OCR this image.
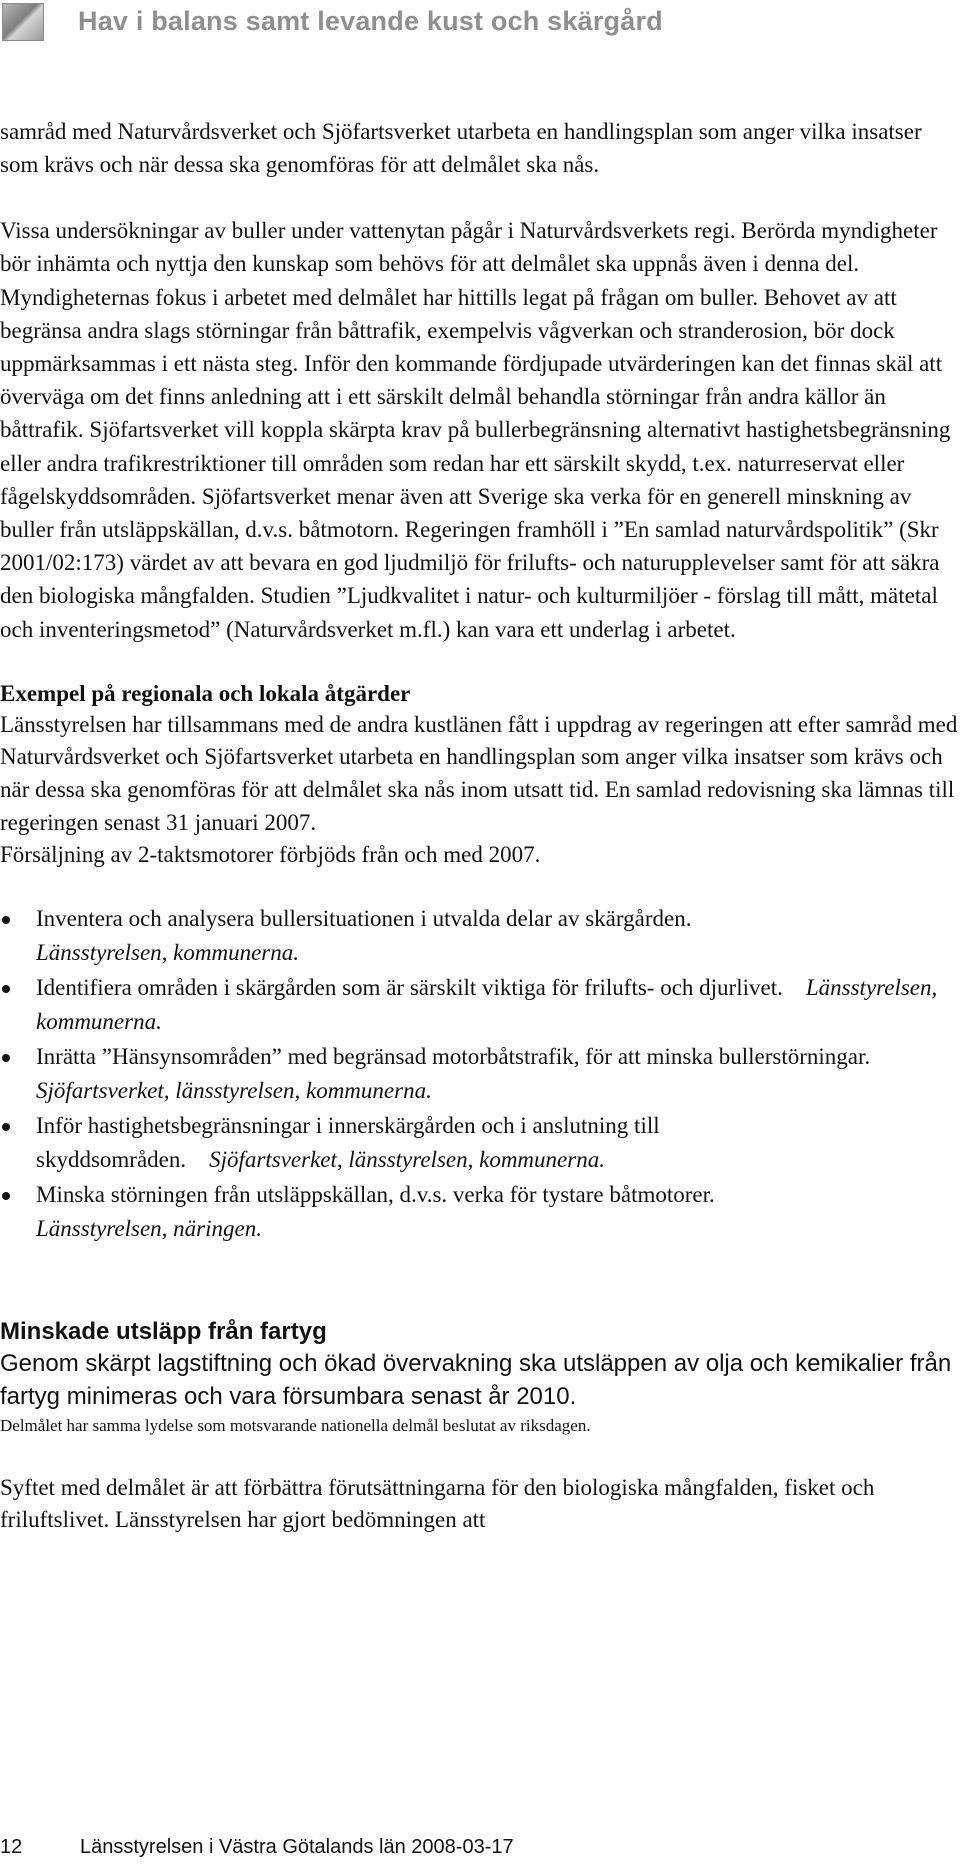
Hav i balans samt levande kust och skärgård

samråd med Naturvårdsverket och Sjöfartsverket utarbeta en handlingsplan som anger vilka insatser som krävs och när dessa ska genomföras för att delmålet ska nås.

Vissa undersökningar av buller under vattenytan pågår i Naturvårdsverkets regi. Berörda myndigheter bör inhämta och nyttja den kunskap som behövs för att delmålet ska uppnås även i denna del. Myndigheternas fokus i arbetet med delmålet har hittills legat på frågan om buller. Behovet av att begränsa andra slags störningar från båttrafik, exempelvis vågverkan och stranderosion, bör dock uppmärksammas i ett nästa steg. Inför den kommande fördjupade utvärderingen kan det finnas skäl att överväga om det finns anledning att i ett särskilt delmål behandla störningar från andra källor än båttrafik. Sjöfartsverket vill koppla skärpta krav på bullerbegränsning alternativt hastighetsbegränsning eller andra trafikrestriktioner till områden som redan har ett särskilt skydd, t.ex. naturreservat eller fågelskyddsområden. Sjöfartsverket menar även att Sverige ska verka för en generell minskning av buller från utsläppskällan, d.v.s. båtmotorn. Regeringen framhöll i ”En samlad naturvårdspolitik” (Skr 2001/02:173) värdet av att bevara en god ljudmiljö för frilufts- och naturupplevelser samt för att säkra den biologiska mångfalden. Studien ”Ljudkvalitet i natur- och kulturmiljöer - förslag till mått, mätetal och inventeringsmetod” (Naturvårdsverket m.fl.) kan vara ett underlag i arbetet.

Exempel på regionala och lokala åtgärder

Länsstyrelsen har tillsammans med de andra kustlänen fått i uppdrag av regeringen att efter samråd med Naturvårdsverket och Sjöfartsverket utarbeta en handlingsplan som anger vilka insatser som krävs och när dessa ska genomföras för att delmålet ska nås inom utsatt tid. En samlad redovisning ska lämnas till regeringen senast 31 januari 2007.

Försäljning av 2-taktsmotorer förbjöds från och med 2007.

Inventera och analysera bullersituationen i utvalda delar av skärgården.
Länsstyrelsen, kommunerna.
Identifiera områden i skärgården som är särskilt viktiga för frilufts- och djurlivet. Länsstyrelsen, kommunerna.
Inrätta ”Hänsynsområden” med begränsad motorbåtstrafik, för att minska bullerstörningar. Sjöfartsverket, länsstyrelsen, kommunerna.
Inför hastighetsbegränsningar i innerskärgården och i anslutning till skyddsområden. Sjöfartsverket, länsstyrelsen, kommunerna.
Minska störningen från utsläppskällan, d.v.s. verka för tystare båtmotorer.
Länsstyrelsen, näringen.

Minskade utsläpp från fartyg

Genom skärpt lagstiftning och ökad övervakning ska utsläppen av olja och kemikalier från fartyg minimeras och vara försumbara senast år 2010.

Delmålet har samma lydelse som motsvarande nationella delmål beslutat av riksdagen.

Syftet med delmålet är att förbättra förutsättningarna för den biologiska mångfalden, fisket och friluftslivet. Länsstyrelsen har gjort bedömningen att

12	Länsstyrelsen i Västra Götalands län 2008-03-17
